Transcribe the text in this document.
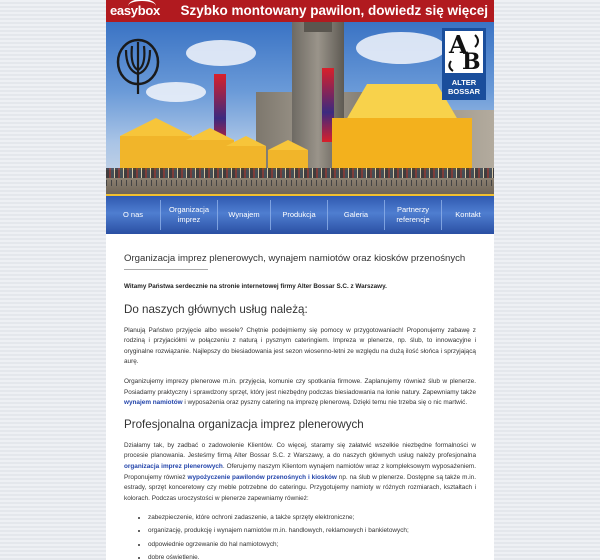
easybox Szybko montowany pawilon, dowiedz się więcej
A
B
ALTER
BOSSAR
O nas
Organizacja
imprez
Wynajem	Produkcja	Galeria
Partnerzy
referencje
Kontakt
Organizacja imprez plenerowych, wynajem namiotów oraz kiosków przenośnych
Witamy Państwa serdecznie na stronie internetowej firmy Alter Bossar S.C. z Warszawy.
Do naszych głównych usług należą:

Planują Państwo przyjęcie albo wesele? Chętnie podejmiemy się pomocy w przygotowaniach! Proponujemy zabawę z rodziną i przyjaciółmi w połączeniu z naturą i pysznym cateringiem. Impreza w plenerze, np. ślub, to innowacyjne i oryginalne rozwiązanie. Najlepszy do biesiadowania jest sezon wiosenno-letni ze względu na dużą ilość słońca i sprzyjającą aurę.

Organizujemy imprezy plenerowe m.in. przyjęcia, komunie czy spotkania firmowe. Zaplanujemy również ślub w plenerze. Posiadamy praktyczny i sprawdzony sprzęt, który jest niezbędny podczas biesiadowania na łonie natury. Zapewniamy także wynajem namiotów i wyposażenia oraz pyszny catering na imprezę plenerową. Dzięki temu nie trzeba się o nic martwić.

Profesjonalna organizacja imprez plenerowych

Działamy tak, by zadbać o zadowolenie Klientów. Co więcej, staramy się załatwić wszelkie niezbędne formalności w procesie planowania. Jesteśmy firmą Alter Bossar S.C. z Warszawy, a do naszych głównych usług należy profesjonalna organizacja imprez plenerowych. Oferujemy naszym Klientom wynajem namiotów wraz z kompleksowym wyposażeniem. Proponujemy również wypożyczenie pawilonów przenośnych i kiosków np. na ślub w plenerze. Dostępne są także m.in. estrady, sprzęt konceretowy czy meble potrzebne do cateringu. Przygotujemy namioty w różnych rozmiarach, kształtach i kolorach. Podczas uroczystości w plenerze zapewniamy również:

• zabezpieczenie, które ochroni zadaszenie, a także sprzęty elektroniczne;
• organizację, produkcję i wynajem namiotów m.in. handlowych, reklamowych i bankietowych;
• odpowiednie ogrzewanie do hal namiotowych;
• dobre oświetlenie.
